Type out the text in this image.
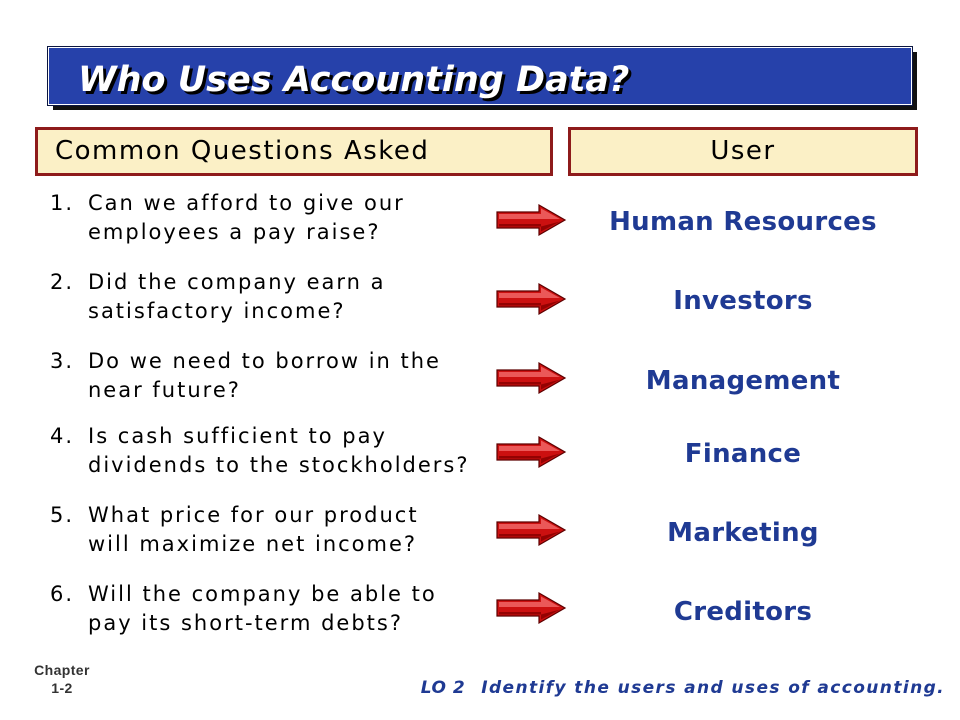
Who Uses Accounting Data?
Common Questions Asked	User
1. Can we afford to give our
employees a pay raise?	Human Resources
2. Did the company earn a
satisfactory income?	Investors
3. Do we need to borrow in the
near future?	Management
4. Is cash sufficient to pay
dividends to the stockholders?	Finance
5. What price for our product
will maximize net income?	Marketing
6. Will the company be able to
pay its short-term debts?	Creditors
Chapter
1-2	LO 2 Identify the users and uses of accounting.
